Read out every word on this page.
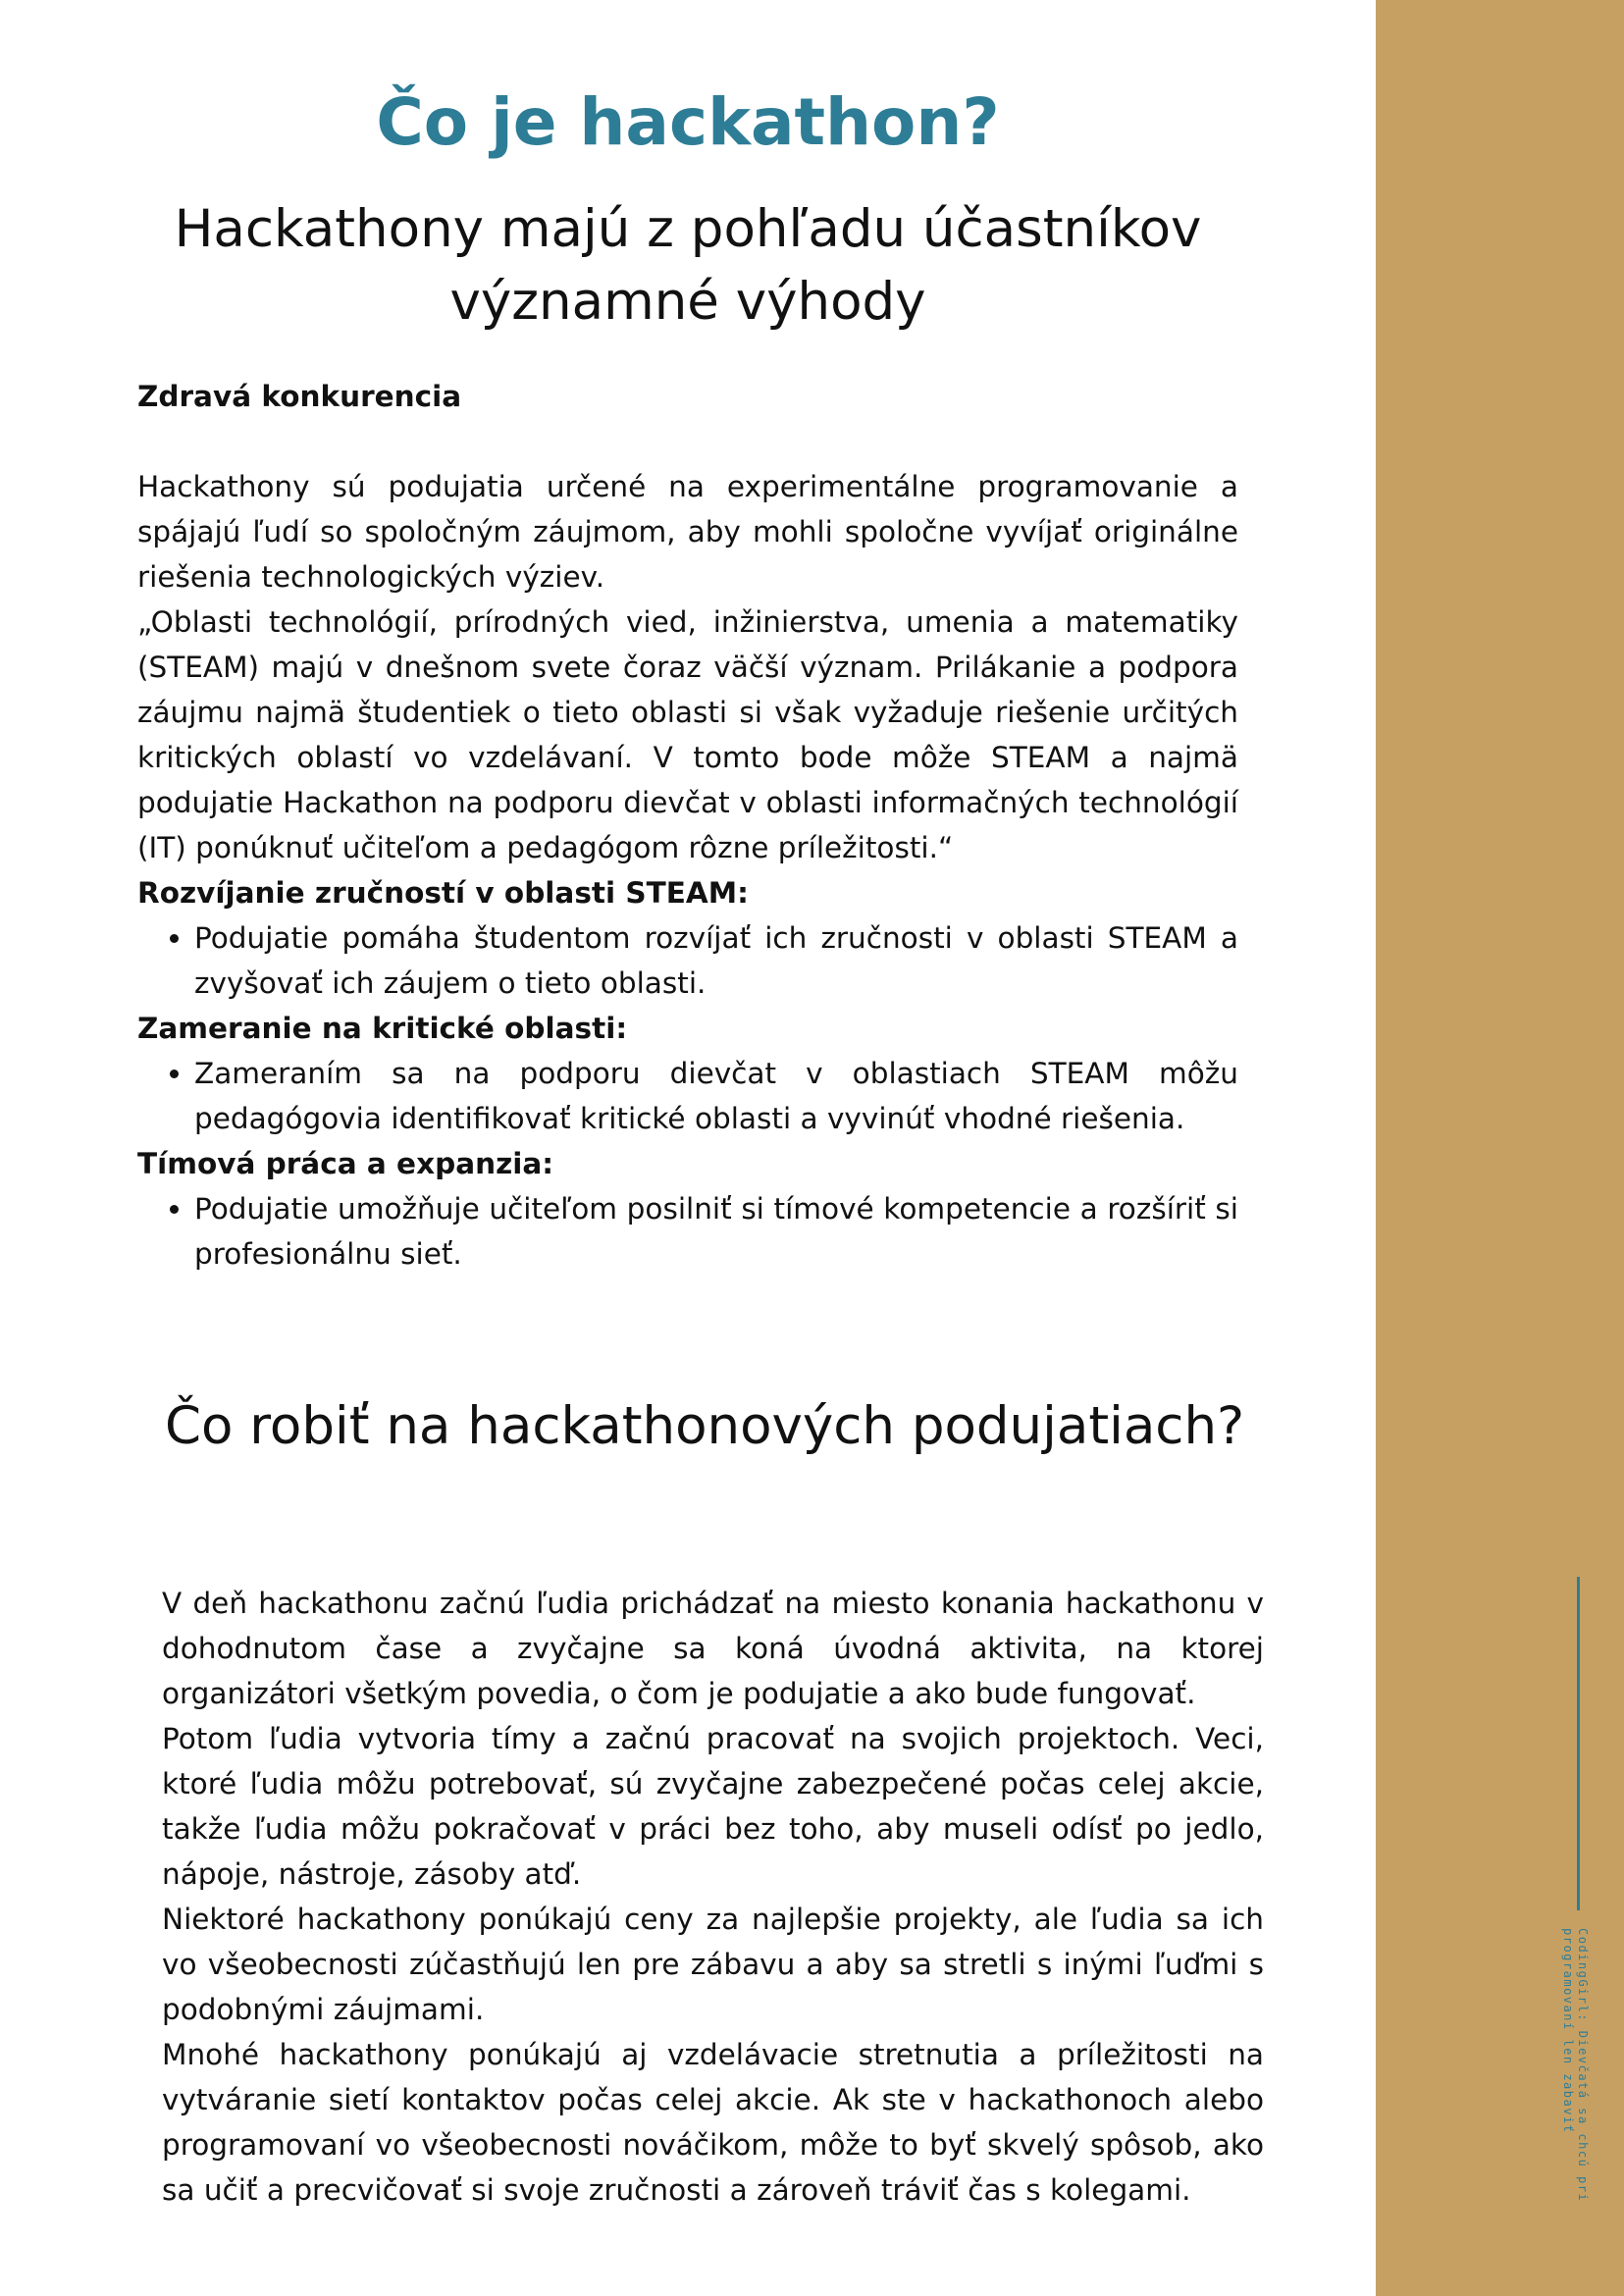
CodingGirl: Dievčatá sa chcú pri programovaní len zabaviť
Čo je hackathon?
Hackathony majú z pohľadu účastníkov významné výhody

Zdravá konkurencia

Hackathony sú podujatia určené na experimentálne programovanie a spájajú ľudí so spoločným záujmom, aby mohli spoločne vyvíjať originálne riešenia technologických výziev.

„Oblasti technológií, prírodných vied, inžinierstva, umenia a matematiky (STEAM) majú v dnešnom svete čoraz väčší význam. Prilákanie a podpora záujmu najmä študentiek o tieto oblasti si však vyžaduje riešenie určitých kritických oblastí vo vzdelávaní. V tomto bode môže STEAM a najmä podujatie Hackathon na podporu dievčat v oblasti informačných technológií (IT) ponúknuť učiteľom a pedagógom rôzne príležitosti.“

Rozvíjanie zručností v oblasti STEAM:

• Podujatie pomáha študentom rozvíjať ich zručnosti v oblasti STEAM a zvyšovať ich záujem o tieto oblasti.

Zameranie na kritické oblasti:

• Zameraním sa na podporu dievčat v oblastiach STEAM môžu pedagógovia identifikovať kritické oblasti a vyvinúť vhodné riešenia.

Tímová práca a expanzia:

• Podujatie umožňuje učiteľom posilniť si tímové kompetencie a rozšíriť si profesionálnu sieť.
Čo robiť na hackathonových podujatiach?

V deň hackathonu začnú ľudia prichádzať na miesto konania hackathonu v dohodnutom čase a zvyčajne sa koná úvodná aktivita, na ktorej organizátori všetkým povedia, o čom je podujatie a ako bude fungovať.

Potom ľudia vytvoria tímy a začnú pracovať na svojich projektoch. Veci, ktoré ľudia môžu potrebovať, sú zvyčajne zabezpečené počas celej akcie, takže ľudia môžu pokračovať v práci bez toho, aby museli odísť po jedlo, nápoje, nástroje, zásoby atď.

Niektoré hackathony ponúkajú ceny za najlepšie projekty, ale ľudia sa ich vo všeobecnosti zúčastňujú len pre zábavu a aby sa stretli s inými ľuďmi s podobnými záujmami.

Mnohé hackathony ponúkajú aj vzdelávacie stretnutia a príležitosti na vytváranie sietí kontaktov počas celej akcie. Ak ste v hackathonoch alebo programovaní vo všeobecnosti nováčikom, môže to byť skvelý spôsob, ako sa učiť a precvičovať si svoje zručnosti a zároveň tráviť čas s kolegami.
